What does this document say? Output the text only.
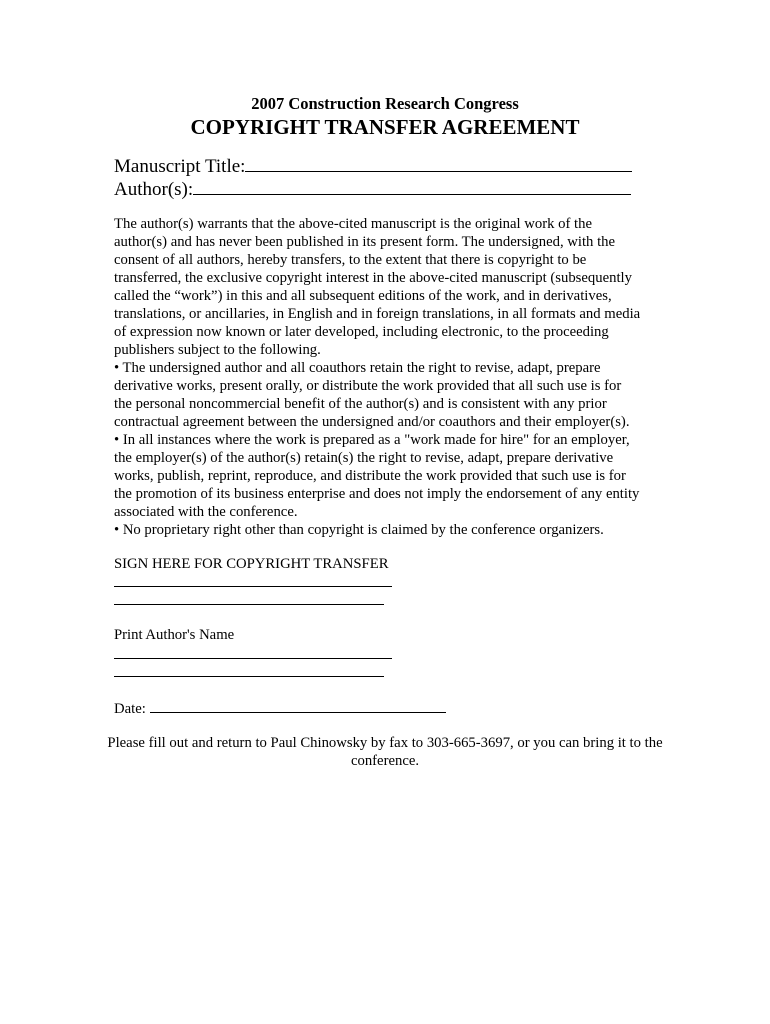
2007 Construction Research Congress
COPYRIGHT TRANSFER AGREEMENT
Manuscript Title:
Author(s):
The author(s) warrants that the above-cited manuscript is the original work of the
author(s) and has never been published in its present form. The undersigned, with the
consent of all authors, hereby transfers, to the extent that there is copyright to be
transferred, the exclusive copyright interest in the above-cited manuscript (subsequently
called the “work”) in this and all subsequent editions of the work, and in derivatives,
translations, or ancillaries, in English and in foreign translations, in all formats and media
of expression now known or later developed, including electronic, to the proceeding
publishers subject to the following.
• The undersigned author and all coauthors retain the right to revise, adapt, prepare
derivative works, present orally, or distribute the work provided that all such use is for
the personal noncommercial benefit of the author(s) and is consistent with any prior
contractual agreement between the undersigned and/or coauthors and their employer(s).
• In all instances where the work is prepared as a "work made for hire" for an employer,
the employer(s) of the author(s) retain(s) the right to revise, adapt, prepare derivative
works, publish, reprint, reproduce, and distribute the work provided that such use is for
the promotion of its business enterprise and does not imply the endorsement of any entity
associated with the conference.
• No proprietary right other than copyright is claimed by the conference organizers.
SIGN HERE FOR COPYRIGHT TRANSFER
Print Author's Name
Date:
Please fill out and return to Paul Chinowsky by fax to 303-665-3697, or you can bring it to the conference.
